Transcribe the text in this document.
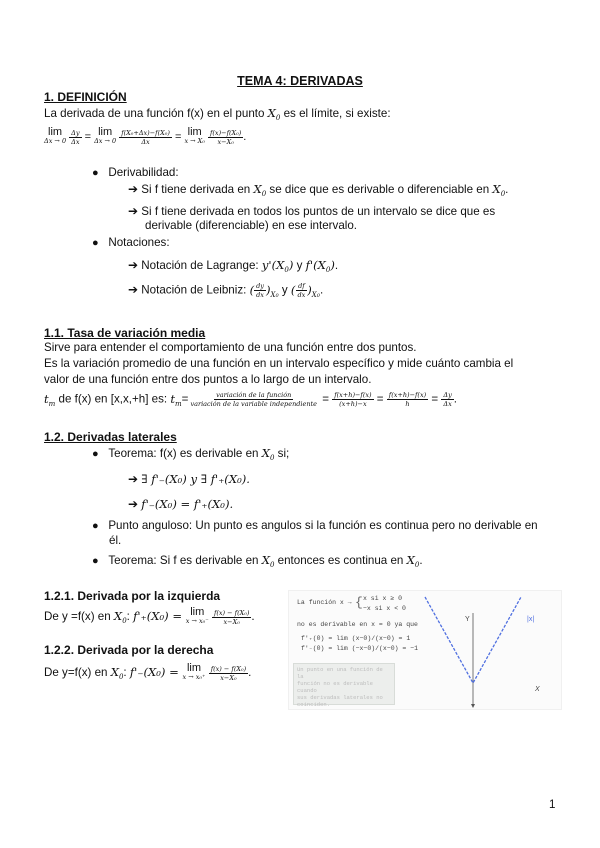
TEMA 4: DERIVADAS
1. DEFINICIÓN
La derivada de una función f(x) en el punto $X_0$ es el límite, si existe:
lim
Δx → 0
$\frac{\Delta y}{\Delta x} = \lim$
Δx → 0
$\frac{\text{f(X₀+Δx)−f(X₀)}}{\Delta x} = \lim$
x → X₀
$\frac{\text{f(x)−f(X₀)}}{\text{x−X₀}}$ .
● Derivabilidad:
➔ Si f tiene derivada en $X_0$ se dice que es derivable o diferenciable en $X_0$.
➔ Si f tiene derivada en todos los puntos de un intervalo se dice que es
derivable (diferenciable) en ese intervalo.
● Notaciones:
➔ Notación de Lagrange: $y'(X_0)$ y $f'(X_0)$.
➔ Notación de Leibniz: ( $\frac{dy}{dx} )_{X0}$ y ( $\frac{df}{dx} )_{X0}$.
1.1. Tasa de variación media
Sirve para entender el comportamiento de una función entre dos puntos.
Es la variación promedio de una función en un intervalo específico y mide cuánto cambia el
valor de una función entre dos puntos a lo largo de un intervalo.
$t_m$ de f(x) en [x,x,+h] es: $t_m= \frac{\text{variación de la función}}{\text{variación de la variable independiente}} = \frac{f(x+h)-f(x)}{(x+h)-x} = \frac{f(x+h)-f(x)}{h} = \frac{\Delta y}{\Delta x}$ .
1.2. Derivadas laterales
● Teorema: f(x) es derivable en $X_0$ si;
➔ ∃ f'₋(X₀) y ∃ f'₊(X₀).
➔ f'₋(X₀) = f'₊(X₀).
● Punto anguloso: Un punto es angulos si la función es continua pero no derivable en
él.
● Teorema: Si f es derivable en $X_0$ entonces es continua en $X_0$.
1.2.1. Derivada por la izquierda
De y =f(x) en $X_0$: f'₊(X₀) = lim
x → x₀⁻
$\frac{\text{f(x) − f(X₀)}}{\text{x−X₀}}$ .
1.2.2. Derivada por la derecha
De y=f(x) en $X_0$: f'₋(X₀) = lim
x → x₀⁺
$\frac{\text{f(x) − f(X₀)}}{\text{x−X₀}}$ .
La función x → { x si x ≥ 0
−x si x < 0
no es derivable en x = 0 ya que
f'₊(0) = lim (x−0)/(x−0) = 1
f'₋(0) = lim (−x−0)/(x−0) = −1
Un punto en una función de la
función no es derivable cuando
sus derivadas laterales no coinciden.
Y
X
|x|
1
